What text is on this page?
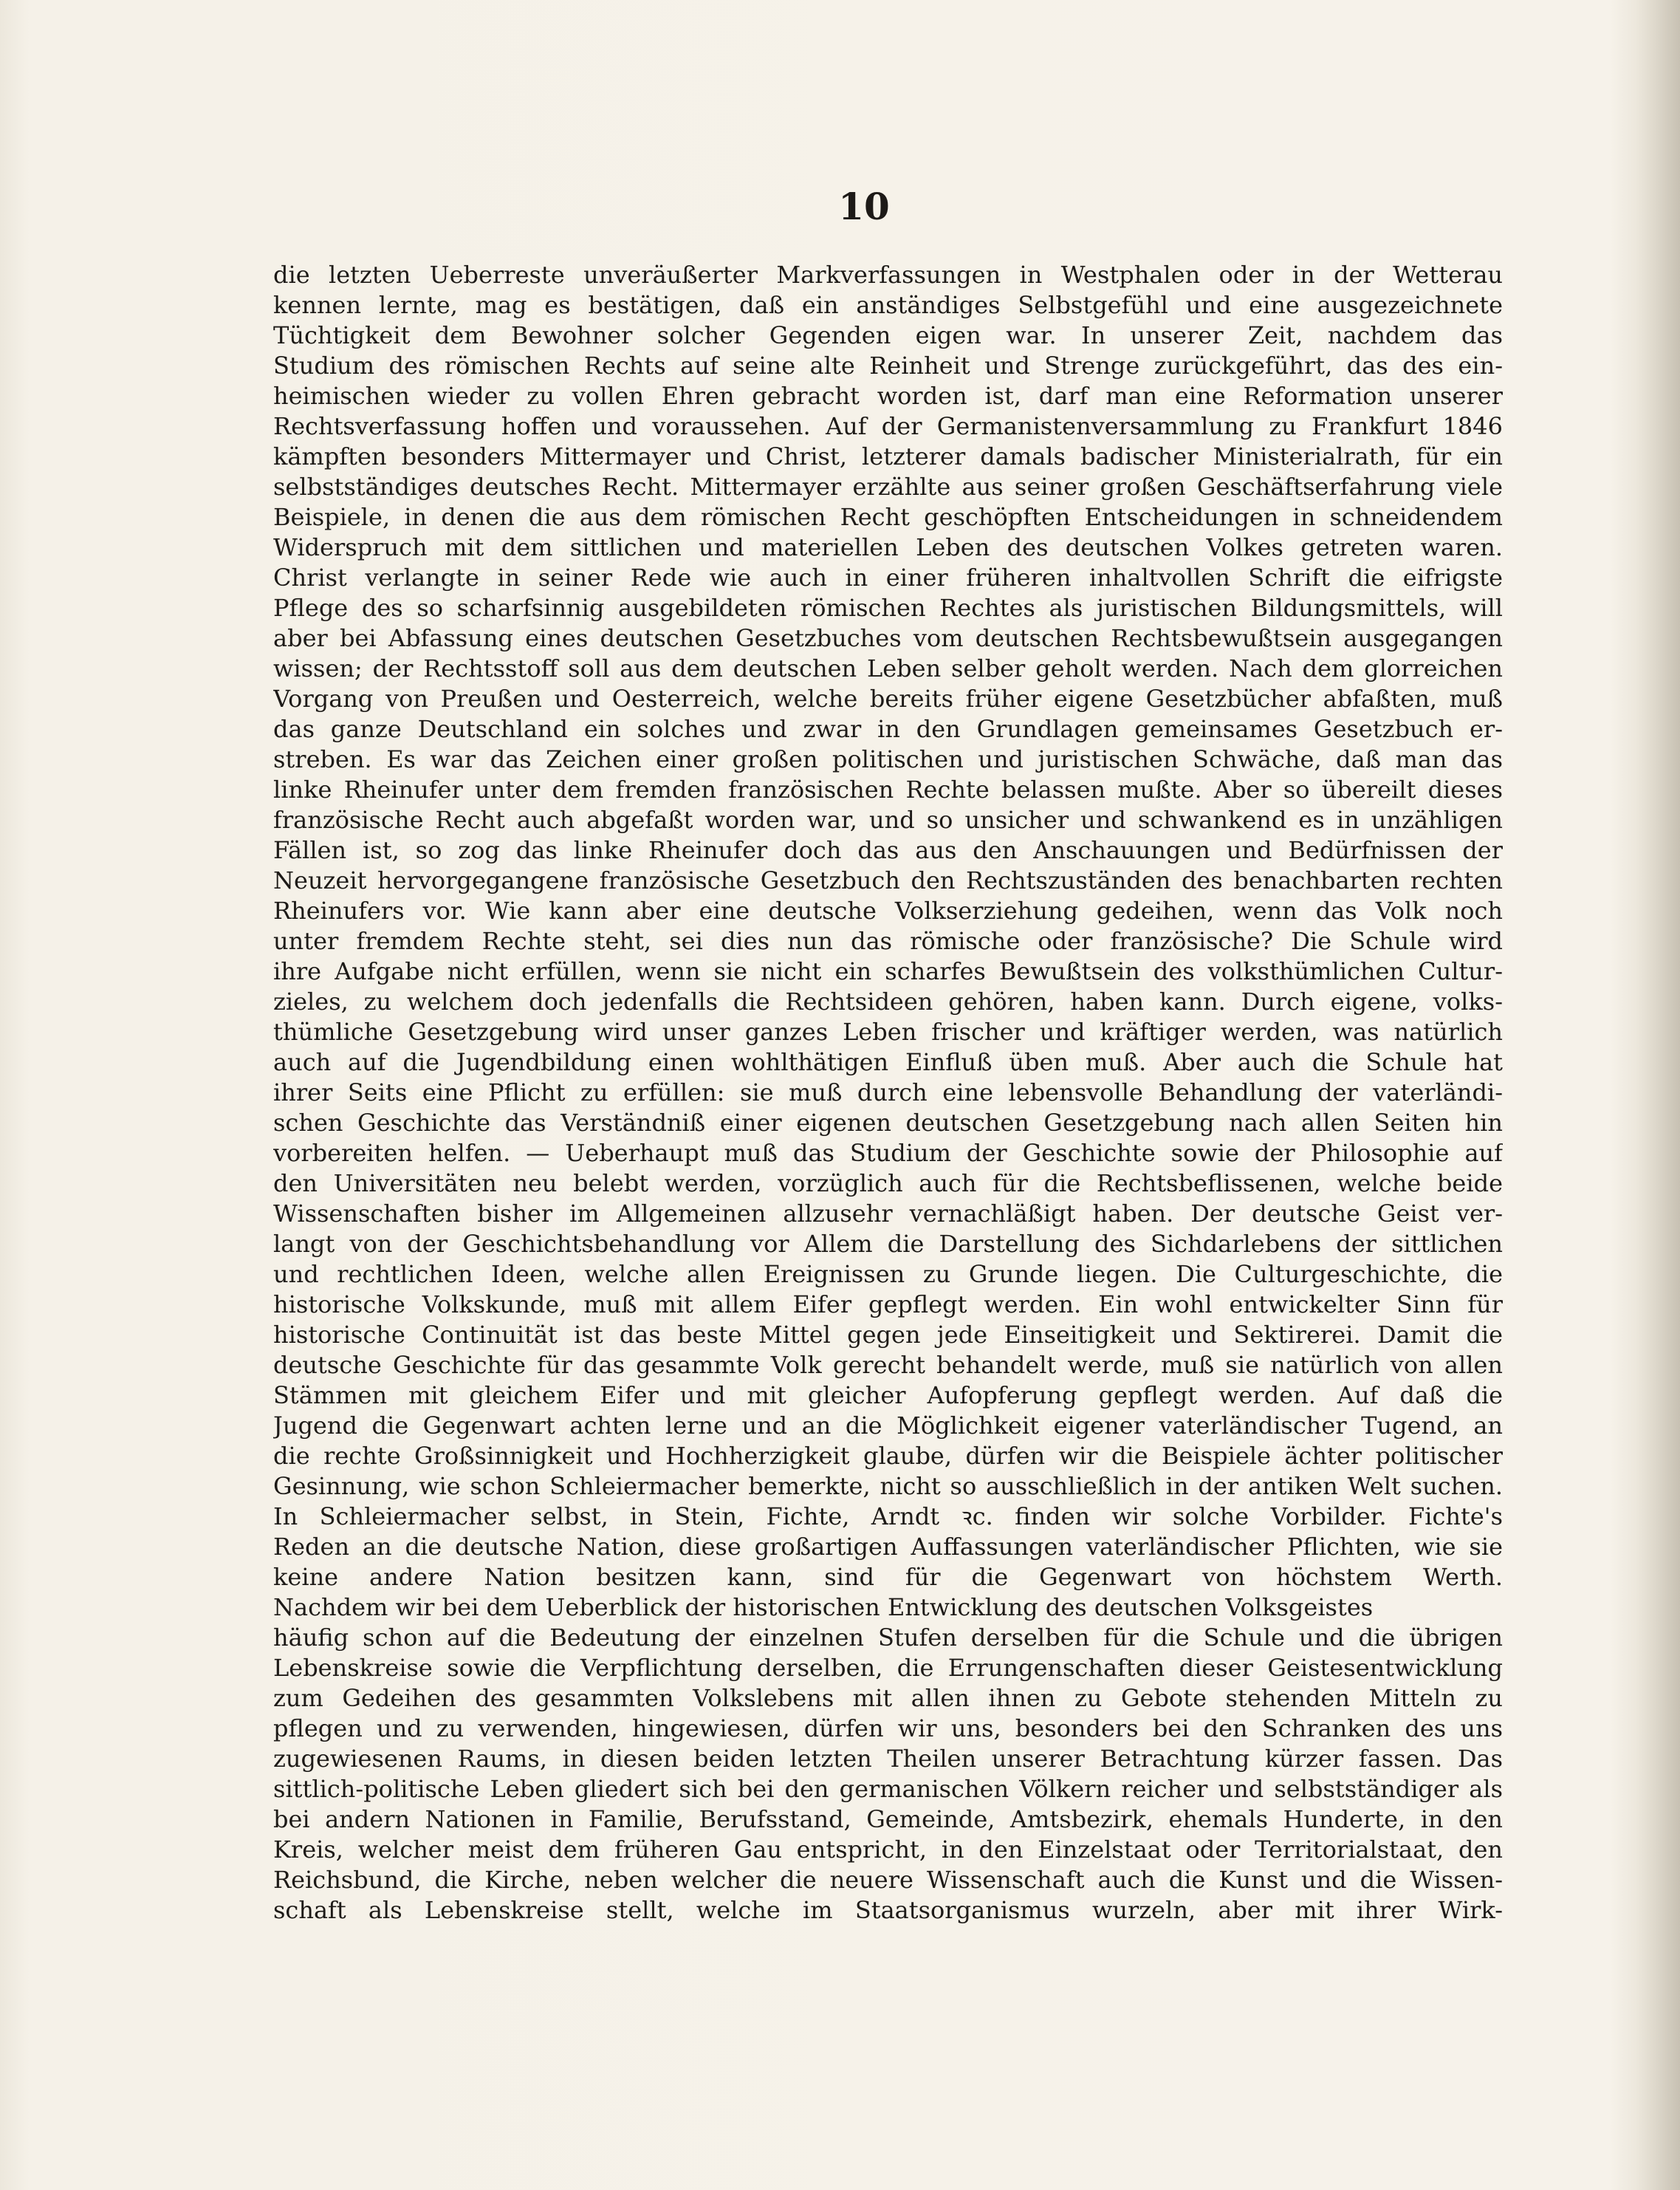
10
die letzten Ueberreste unveräußerter Markverfassungen in Westphalen oder in der Wetterau
kennen lernte, mag es bestätigen, daß ein anständiges Selbstgefühl und eine ausgezeichnete
Tüchtigkeit dem Bewohner solcher Gegenden eigen war. In unserer Zeit, nachdem das
Studium des römischen Rechts auf seine alte Reinheit und Strenge zurückgeführt, das des ein-
heimischen wieder zu vollen Ehren gebracht worden ist, darf man eine Reformation unserer
Rechtsverfassung hoffen und voraussehen. Auf der Germanistenversammlung zu Frankfurt 1846
kämpften besonders Mittermayer und Christ, letzterer damals badischer Ministerialrath, für ein
selbstständiges deutsches Recht. Mittermayer erzählte aus seiner großen Geschäftserfahrung viele
Beispiele, in denen die aus dem römischen Recht geschöpften Entscheidungen in schneidendem
Widerspruch mit dem sittlichen und materiellen Leben des deutschen Volkes getreten waren.
Christ verlangte in seiner Rede wie auch in einer früheren inhaltvollen Schrift die eifrigste
Pflege des so scharfsinnig ausgebildeten römischen Rechtes als juristischen Bildungsmittels, will
aber bei Abfassung eines deutschen Gesetzbuches vom deutschen Rechtsbewußtsein ausgegangen
wissen; der Rechtsstoff soll aus dem deutschen Leben selber geholt werden. Nach dem glorreichen
Vorgang von Preußen und Oesterreich, welche bereits früher eigene Gesetzbücher abfaßten, muß
das ganze Deutschland ein solches und zwar in den Grundlagen gemeinsames Gesetzbuch er-
streben. Es war das Zeichen einer großen politischen und juristischen Schwäche, daß man das
linke Rheinufer unter dem fremden französischen Rechte belassen mußte. Aber so übereilt dieses
französische Recht auch abgefaßt worden war, und so unsicher und schwankend es in unzähligen
Fällen ist, so zog das linke Rheinufer doch das aus den Anschauungen und Bedürfnissen der
Neuzeit hervorgegangene französische Gesetzbuch den Rechtszuständen des benachbarten rechten
Rheinufers vor. Wie kann aber eine deutsche Volkserziehung gedeihen, wenn das Volk noch
unter fremdem Rechte steht, sei dies nun das römische oder französische? Die Schule wird
ihre Aufgabe nicht erfüllen, wenn sie nicht ein scharfes Bewußtsein des volksthümlichen Cultur-
zieles, zu welchem doch jedenfalls die Rechtsideen gehören, haben kann. Durch eigene, volks-
thümliche Gesetzgebung wird unser ganzes Leben frischer und kräftiger werden, was natürlich
auch auf die Jugendbildung einen wohlthätigen Einfluß üben muß. Aber auch die Schule hat
ihrer Seits eine Pflicht zu erfüllen: sie muß durch eine lebensvolle Behandlung der vaterländi-
schen Geschichte das Verständniß einer eigenen deutschen Gesetzgebung nach allen Seiten hin
vorbereiten helfen. — Ueberhaupt muß das Studium der Geschichte sowie der Philosophie auf
den Universitäten neu belebt werden, vorzüglich auch für die Rechtsbeflissenen, welche beide
Wissenschaften bisher im Allgemeinen allzusehr vernachläßigt haben. Der deutsche Geist ver-
langt von der Geschichtsbehandlung vor Allem die Darstellung des Sichdarlebens der sittlichen
und rechtlichen Ideen, welche allen Ereignissen zu Grunde liegen. Die Culturgeschichte, die
historische Volkskunde, muß mit allem Eifer gepflegt werden. Ein wohl entwickelter Sinn für
historische Continuität ist das beste Mittel gegen jede Einseitigkeit und Sektirerei. Damit die
deutsche Geschichte für das gesammte Volk gerecht behandelt werde, muß sie natürlich von allen
Stämmen mit gleichem Eifer und mit gleicher Aufopferung gepflegt werden. Auf daß die
Jugend die Gegenwart achten lerne und an die Möglichkeit eigener vaterländischer Tugend, an
die rechte Großsinnigkeit und Hochherzigkeit glaube, dürfen wir die Beispiele ächter politischer
Gesinnung, wie schon Schleiermacher bemerkte, nicht so ausschließlich in der antiken Welt suchen.
In Schleiermacher selbst, in Stein, Fichte, Arndt ꝛc. finden wir solche Vorbilder. Fichte's
Reden an die deutsche Nation, diese großartigen Auffassungen vaterländischer Pflichten, wie sie
keine andere Nation besitzen kann, sind für die Gegenwart von höchstem Werth.
Nachdem wir bei dem Ueberblick der historischen Entwicklung des deutschen Volksgeistes
häufig schon auf die Bedeutung der einzelnen Stufen derselben für die Schule und die übrigen
Lebenskreise sowie die Verpflichtung derselben, die Errungenschaften dieser Geistesentwicklung
zum Gedeihen des gesammten Volkslebens mit allen ihnen zu Gebote stehenden Mitteln zu
pflegen und zu verwenden, hingewiesen, dürfen wir uns, besonders bei den Schranken des uns
zugewiesenen Raums, in diesen beiden letzten Theilen unserer Betrachtung kürzer fassen. Das
sittlich-politische Leben gliedert sich bei den germanischen Völkern reicher und selbstständiger als
bei andern Nationen in Familie, Berufsstand, Gemeinde, Amtsbezirk, ehemals Hunderte, in den
Kreis, welcher meist dem früheren Gau entspricht, in den Einzelstaat oder Territorialstaat, den
Reichsbund, die Kirche, neben welcher die neuere Wissenschaft auch die Kunst und die Wissen-
schaft als Lebenskreise stellt, welche im Staatsorganismus wurzeln, aber mit ihrer Wirk-
